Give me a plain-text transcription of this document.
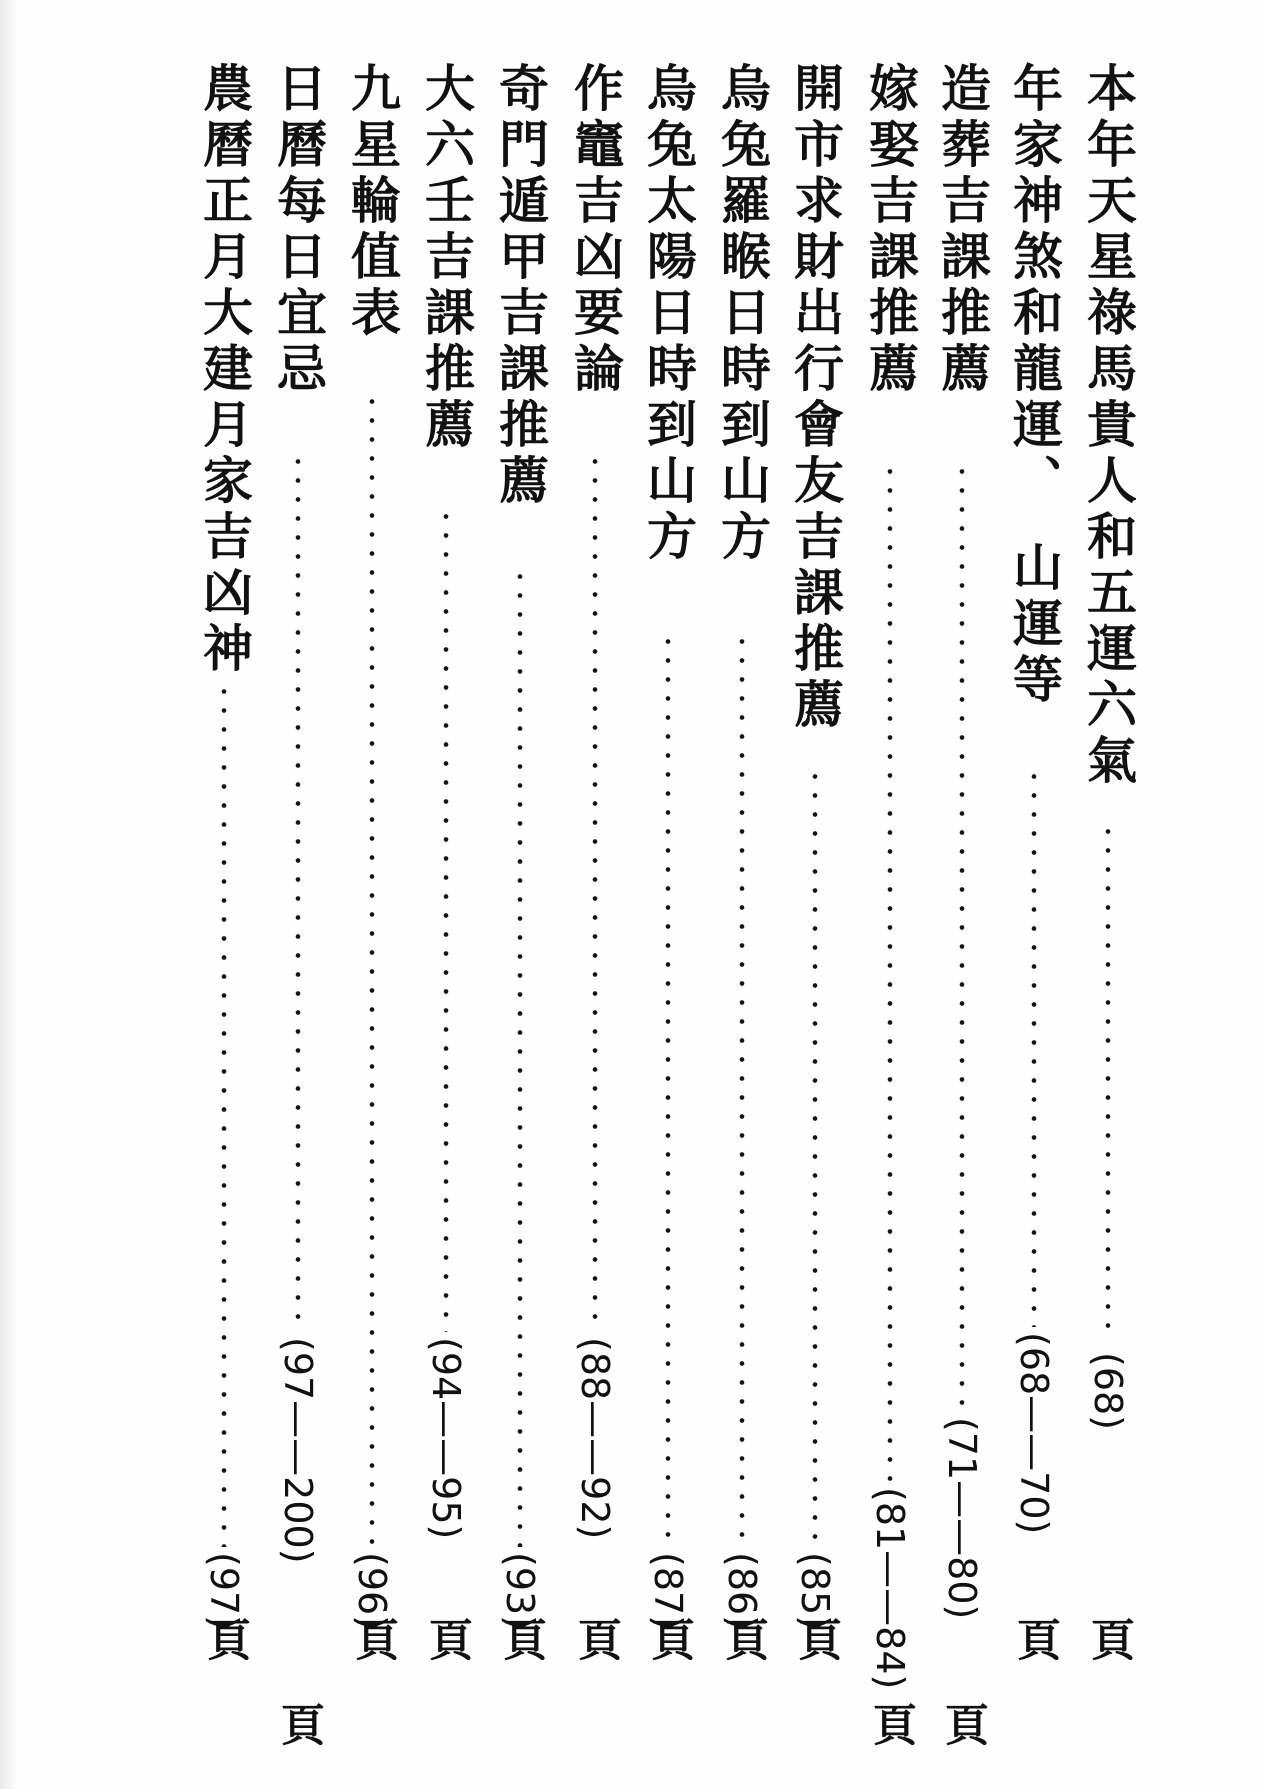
本年天星祿馬貴人和五運六氣
(68)
頁
年家神煞和龍運、　山運等
(68——70)
頁
造葬吉課推薦
(71——80)
頁
嫁娶吉課推薦
(81——84)
頁
開市求財出行會友吉課推薦
(85)
頁
烏兔羅睺日時到山方
(86)
頁
烏兔太陽日時到山方
(87)
頁
作竈吉凶要論
(88——92)
頁
奇門遁甲吉課推薦
(93)
頁
大六壬吉課推薦
(94——95)
頁
九星輪值表
(96)
頁
日曆每日宜忌
(97——200)
頁
農曆正月大建月家吉凶神
(97)
頁
